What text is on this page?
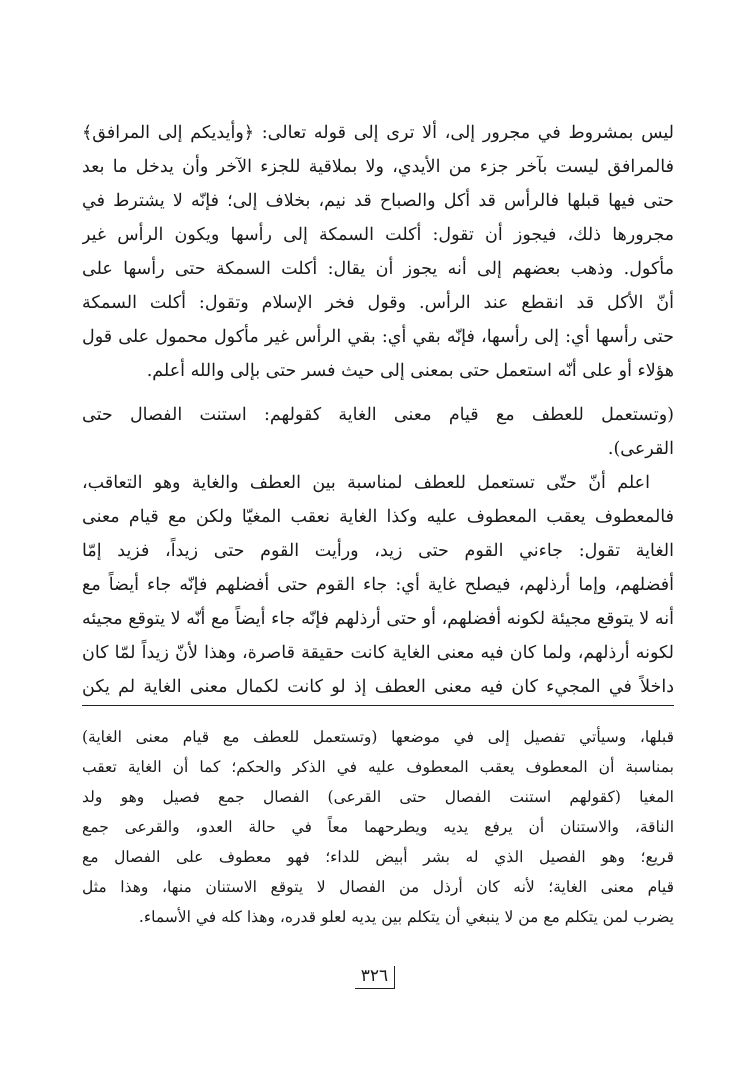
ليس بمشروط في مجرور إلى، ألا ترى إلى قوله تعالى: ﴿وأيديكم إلى المرافق﴾
فالمرافق ليست بآخر جزء من الأيدي، ولا بملاقية للجزء الآخر وأن يدخل ما بعد
حتى فيها قبلها فالرأس قد أكل والصباح قد نيم، بخلاف إلى؛ فإنّه لا يشترط في
مجرورها ذلك، فيجوز أن تقول: أكلت السمكة إلى رأسها ويكون الرأس غير
مأكول. وذهب بعضهم إلى أنه يجوز أن يقال: أكلت السمكة حتى رأسها على
أنّ الأكل قد انقطع عند الرأس. وقول فخر الإسلام وتقول: أكلت السمكة
حتى رأسها أي: إلى رأسها، فإنّه بقي أي: بقي الرأس غير مأكول محمول على قول
هؤلاء أو على أنّه استعمل حتى بمعنى إلى حيث فسر حتى بإلى والله أعلم.
(وتستعمل للعطف مع قيام معنى الغاية كقولهم: استنت الفصال حتى
القرعى).
اعلم أنّ حتّى تستعمل للعطف لمناسبة بين العطف والغاية وهو التعاقب،
فالمعطوف يعقب المعطوف عليه وكذا الغاية نعقب المغيّا ولكن مع قيام معنى
الغاية تقول: جاءني القوم حتى زيد، ورأيت القوم حتى زيداً، فزيد إمّا
أفضلهم، وإما أرذلهم، فيصلح غاية أي: جاء القوم حتى أفضلهم فإنّه جاء أيضاً مع
أنه لا يتوقع مجيئة لكونه أفضلهم، أو حتى أرذلهم فإنّه جاء أيضاً مع أنّه لا يتوقع مجيئه
لكونه أرذلهم، ولما كان فيه معنى الغاية كانت حقيقة قاصرة، وهذا لأنّ زيداً لمّا كان
داخلاً في المجيء كان فيه معنى العطف إذ لو كانت لكمال معنى الغاية لم يكن
قبلها، وسيأتي تفصيل إلى في موضعها (وتستعمل للعطف مع قيام معنى الغاية)
بمناسبة أن المعطوف يعقب المعطوف عليه في الذكر والحكم؛ كما أن الغاية تعقب
المغيا (كقولهم استنت الفصال حتى القرعى) الفصال جمع فصيل وهو ولد
الناقة، والاستنان أن يرفع يديه ويطرحهما معاً في حالة العدو، والقرعى جمع
قريع؛ وهو الفصيل الذي له بشر أبيض للداء؛ فهو معطوف على الفصال مع
قيام معنى الغاية؛ لأنه كان أرذل من الفصال لا يتوقع الاستنان منها، وهذا مثل
يضرب لمن يتكلم مع من لا ينبغي أن يتكلم بين يديه لعلو قدره، وهذا كله في الأسماء.
٣٢٦
